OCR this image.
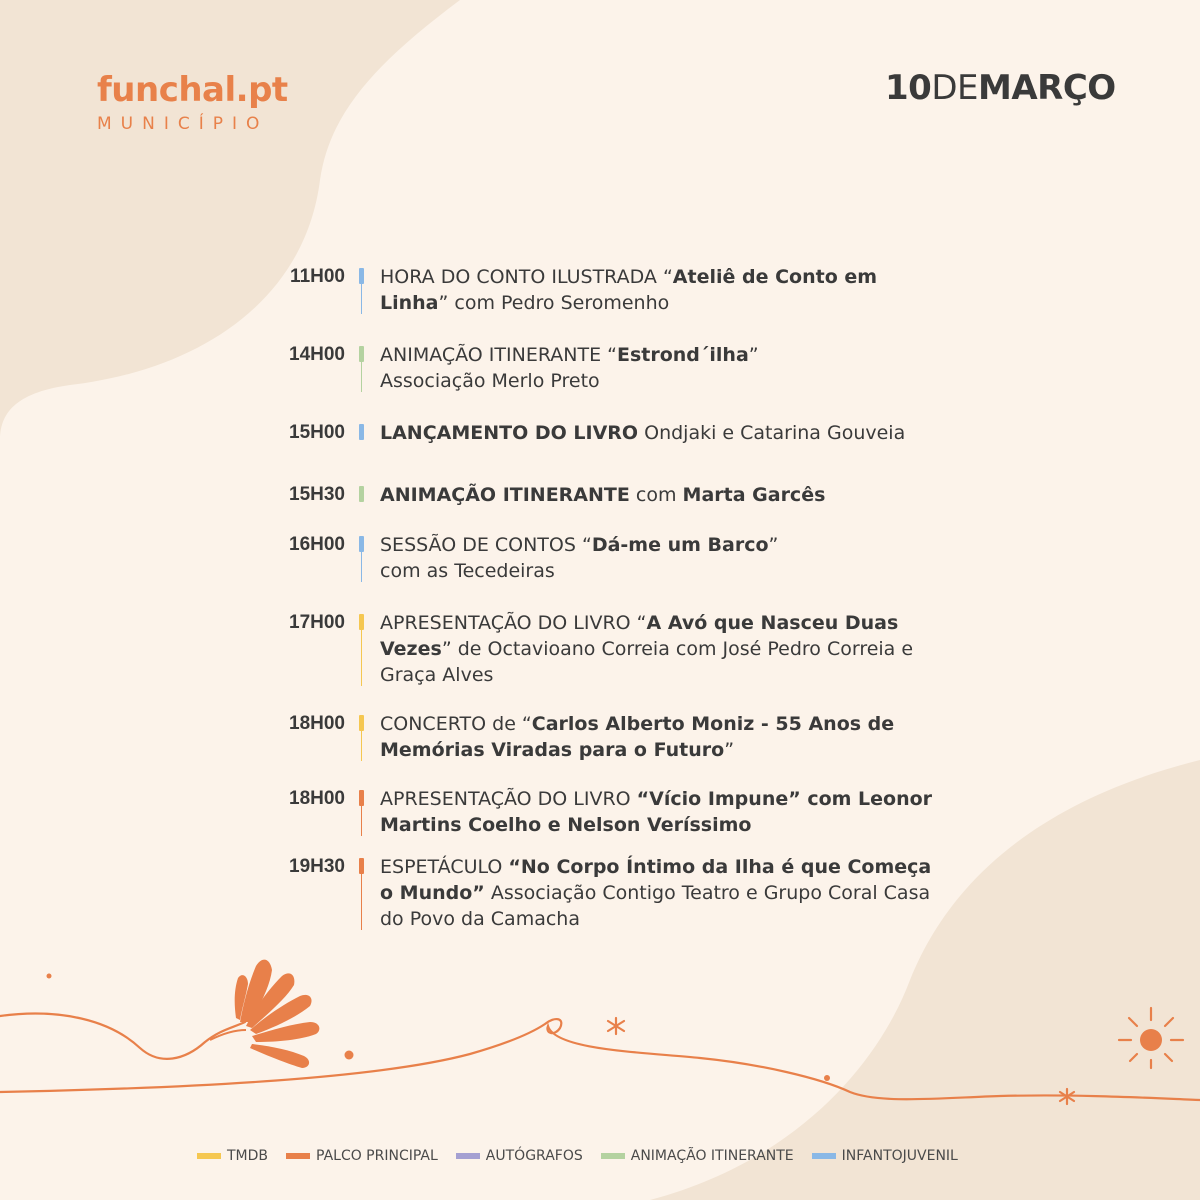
funchal.pt
MUNICÍPIO
10DEMARÇO
11H00 HORA DO CONTO ILUSTRADA “Ateliê de Conto em Linha” com Pedro Seromenho
14H00 ANIMAÇÃO ITINERANTE “Estrond´ilha”
Associação Merlo Preto
15H00 LANÇAMENTO DO LIVRO Ondjaki e Catarina Gouveia
15H30 ANIMAÇÃO ITINERANTE com Marta Garcês
16H00 SESSÃO DE CONTOS “Dá-me um Barco”
com as Tecedeiras
17H00 APRESENTAÇÃO DO LIVRO “A Avó que Nasceu Duas Vezes” de Octavioano Correia com José Pedro Correia e Graça Alves
18H00 CONCERTO de “Carlos Alberto Moniz - 55 Anos de Memórias Viradas para o Futuro”
18H00 APRESENTAÇÃO DO LIVRO “Vício Impune” com Leonor Martins Coelho e Nelson Veríssimo
19H30 ESPETÁCULO “No Corpo Íntimo da Ilha é que Começa o Mundo” Associação Contigo Teatro e Grupo Coral Casa do Povo da Camacha
TMDB	PALCO PRINCIPAL	AUTÓGRAFOS	ANIMAÇÃO ITINERANTE	INFANTOJUVENIL
